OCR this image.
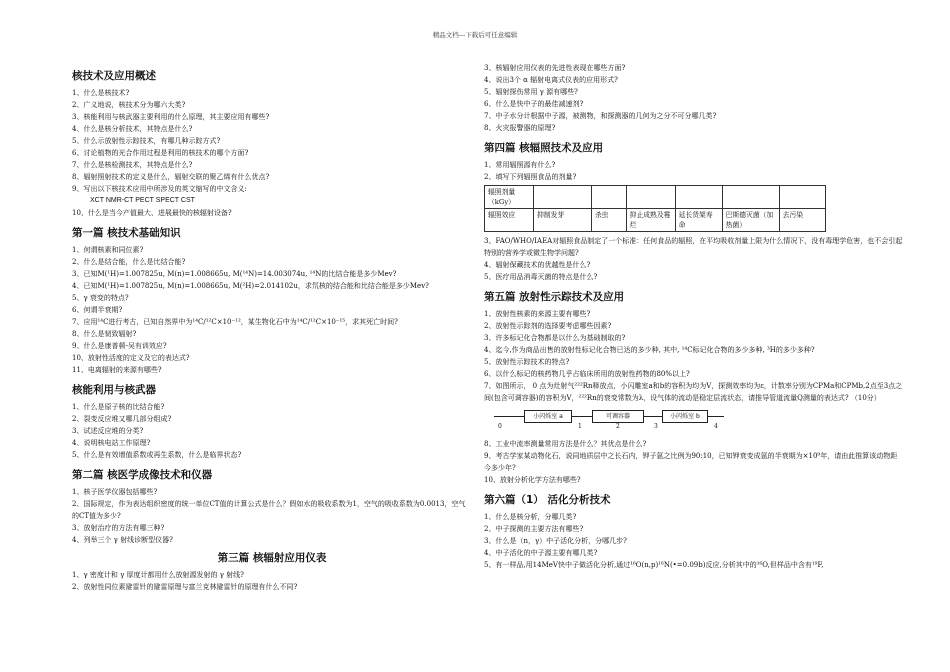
精品文档---下载后可任意编辑
核技术及应用概述

1、什么是核技术?

2、广义地说，核技术分为哪六大类?

3、核能利用与核武器主要利用的什么原理，其主要应用有哪些?

4、什么是核分析技术，其特点是什么?

5、什么示放射性示踪技术，有哪几种示踪方式?

6、讨论植物的光合作用过程是利用的核技术的哪个方面?

7、什么是核检测技术，其特点是什么?

8、辐射照射技术的定义是什么，辐射交联的聚乙烯有什么优点?

9、写出以下核技术应用中所涉及的英文缩写的中文含义:

XCT NMR-CT PECT SPECT CST

10、什么是当今产值最大、进展最快的核辐射设备?

第一篇 核技术基础知识

1、何谓核素和同位素?

2、什么是结合能，什么是比结合能?

3、已知M(¹H)=1.007825u, M(n)=1.008665u, M(¹⁴N)=14.003074u, ¹⁴N的比结合能是多少Mev?

4、已知M(¹H)=1.007825u, M(n)=1.008665u, M(²H)=2.014102u，求氘核的结合能和比结合能是多少Mev?

5、γ 衰变的特点?

6、何谓半衰期?

7、应用¹⁴C进行考古，已知自然界中为¹⁴C/¹²C×10⁻¹²，某生物化石中为¹⁴C/¹²C×10⁻¹⁵，求其死亡时间?

8、什么是韧致辐射?

9、什么是康普顿-吴有训效应?

10、放射性活度的定义及它的表达式?

11、电离辐射的来源有哪些?

核能利用与核武器

1、什么是原子核的比结合能?

2、裂变反应堆又哪几部分组成?

3、试述反应堆的分类?

4、说明核电站工作原理?

5、什么是有效增值系数或再生系数，什么是临界状态?

第二篇 核医学成像技术和仪器

1、核子医学仪器包括哪些?

2、国际规定，作为表达组织密度的统一单位CT值的计算公式是什么？假如水的吸收系数为1，空气的吸收系数为0.0013，空气的CT值为多少?

3、放射治疗的方法有哪三种?

4、列举三个 γ 射线诊断型仪器?

第三篇 核辐射应用仪表

1、γ 密度计和 γ 厚度计都用什么放射源发射的 γ 射线?

2、放射性同位素避雷针的避雷原理与富兰克林避雷针的原理有什么不同?

3、核辐射应用仪表的先进性表现在哪些方面?

4、说出3个 α 辐射电离式仪表的应用形式?

5、辐射探伤常用 γ 源有哪些?

6、什么是快中子的最佳减速剂?

7、中子水分计根据中子源，被测物，和探测器的几何为之分不可分哪几类?

8、火灾报警器的原理?

第四篇 核辐照技术及应用

1、常用辐照源有什么?

2、填写下列辐照食品的剂量?

辐照剂量（kGy）						
辐照效应	抑制发芽	杀虫	抑止成熟及霉烂	延长货架寿命	巴斯德灭菌（加热菌）	去污染

3、FAO/WHO/IAEA对辐照食品制定了一个标准：任何食品的辐照，在平均吸收剂量上限为什么情况下，没有毒理学危害，也不会引起特别的营养学或微生物学问题?

4、辐射保藏技术的优越性是什么?

5、医疗用品消毒灭菌的特点是什么?

第五篇 放射性示踪技术及应用

1、放射性核素的来源主要有哪些?

2、放射性示踪剂的选择要考虑哪些因素?

3、许多标记化合物都是以什么为基础制取的?

4、迄今,作为商品出售的放射性标记化合物已达的多少种, 其中, ¹⁴C标记化合物的多少多种, ³H的多少多种?

5、放射性示踪技术的特点?

6、以什么标记的核药物几乎占临床所用的放射性药物的80%以上?

7、如图所示， 0 点为灶射气²²²Rn释放点，小闪雕室a和b的容积为均为V，探测效率均为ε，计数率分别为CPMa和CPMb,2点至3点之间(包含可调容器)的容积为V，²²²Rn的衰变常数为λ，设气体的流动是稳定层流状态，请推导管道流量Q测量的表达式? （10分）

小闪烁室 a	可调容器	小闪烁室 b
0	1	2	3	4

8、工业中流率测量常用方法是什么？其优点是什么?

9、考古学家某动物化石，说同地质层中之长石内，钾子氩之比例为90:10，已知钾衰变成氩的半衰期为×10⁹年，请由此推算该动物距今多少年?

10、放射分析化学方法有哪些?

第六篇（1） 活化分析技术

1、什么是核分析，分哪几类?

2、中子探测的主要方法有哪些?

3、什么是（n，γ）中子活化分析，分哪几步?

4、中子活化的中子源主要有哪几类?

5、有一样品,用14MeV快中子做活化分析,通过¹⁶O(n,p)¹⁶N(•=0.09b)反应,分析其中的¹⁶O,但样品中含有¹⁹F,
